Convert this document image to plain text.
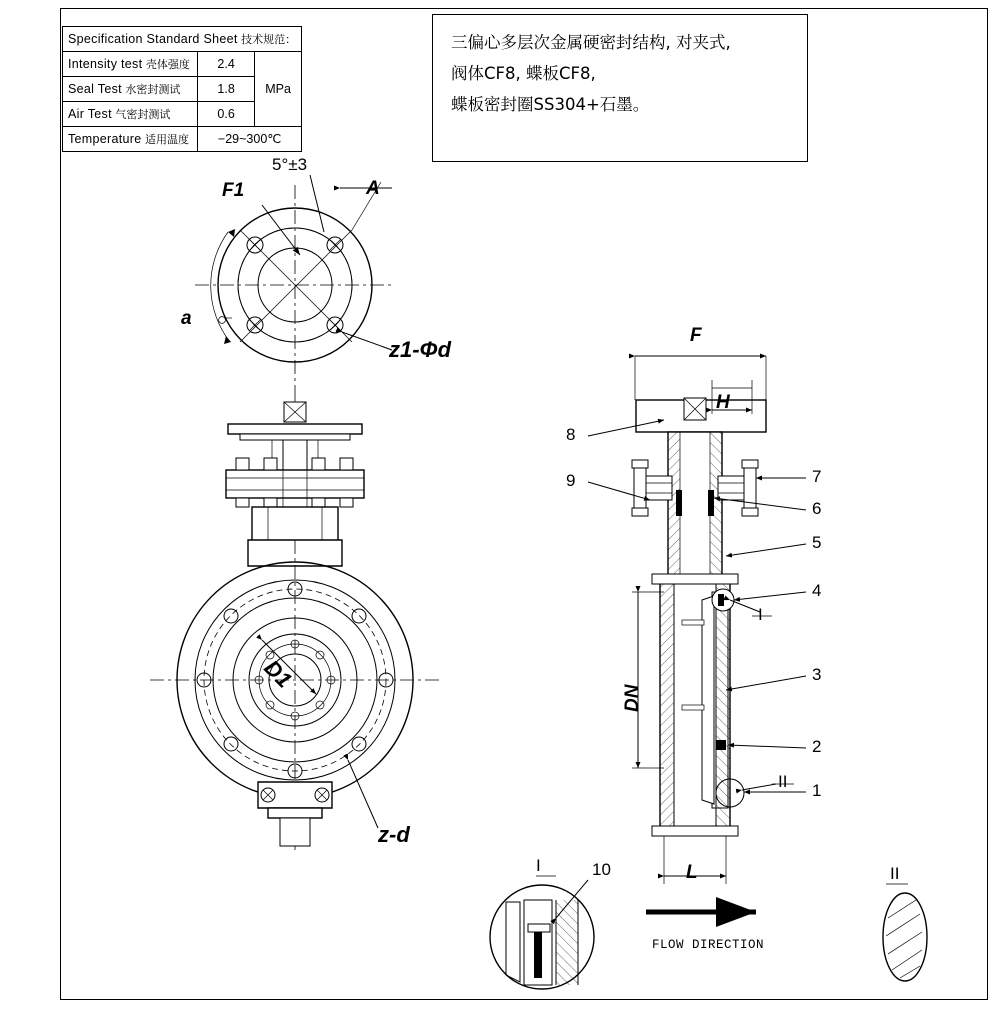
Specification Standard Sheet 技术规范：		
Intensity test 壳体强度	2.4	MPa
Seal Test 水密封测试	1.8	
Air Test 气密封测试	0.6	
Temperature 适用温度	−29~300℃	
三偏心多层次金属硬密封结构, 对夹式,
阀体CF8, 蝶板CF8,
蝶板密封圈SS304+石墨。
F1
5°±3
A
a
z1-Φd
D1
z-d
F
H
DN
L
FLOW DIRECTION
8
9	7
6
5
4
3
2
1
I
II
I	10	II
